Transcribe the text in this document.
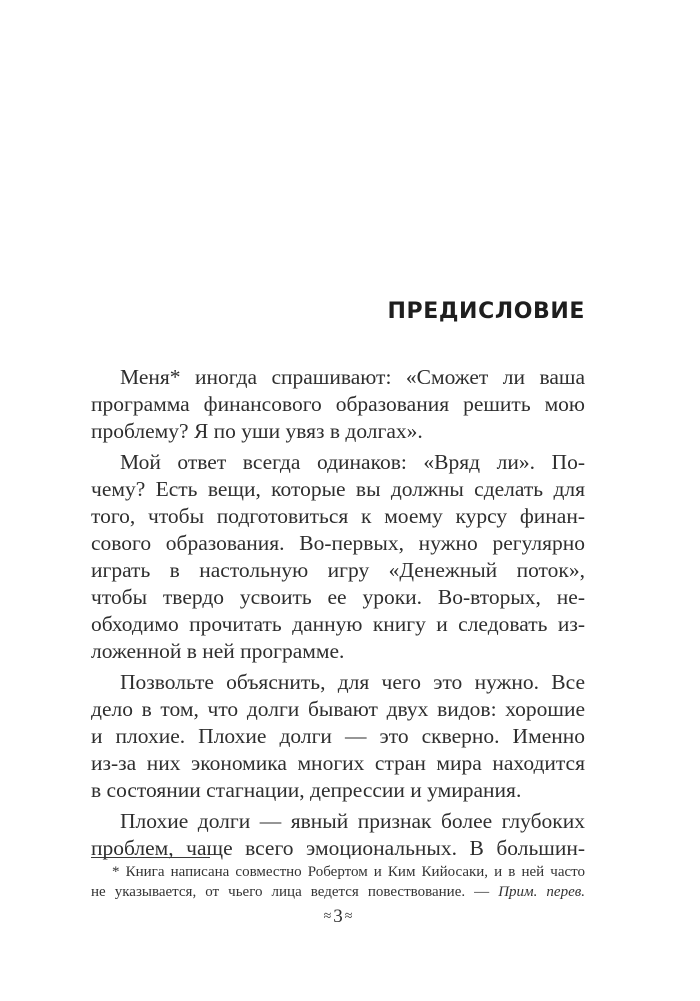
ПРЕДИСЛОВИЕ

Меня* иногда спрашивают: «Сможет ли ваша
программа финансового образования решить мою
проблему? Я по уши увяз в долгах».

Мой ответ всегда одинаков: «Вряд ли». По-
чему? Есть вещи, которые вы должны сделать для
того, чтобы подготовиться к моему курсу финан-
сового образования. Во-первых, нужно регулярно
играть в настольную игру «Денежный поток»,
чтобы твердо усвоить ее уроки. Во-вторых, не-
обходимо прочитать данную книгу и следовать из-
ложенной в ней программе.

Позвольте объяснить, для чего это нужно. Все
дело в том, что долги бывают двух видов: хорошие
и плохие. Плохие долги — это скверно. Именно
из-за них экономика многих стран мира находится
в состоянии стагнации, депрессии и умирания.

Плохие долги — явный признак более глубоких
проблем, чаще всего эмоциональных. В большин-

* Книга написана совместно Робертом и Ким Кийосаки, и в ней часто
не указывается, от чьего лица ведется повествование. — Прим. перев.
≈ 3 ≈
